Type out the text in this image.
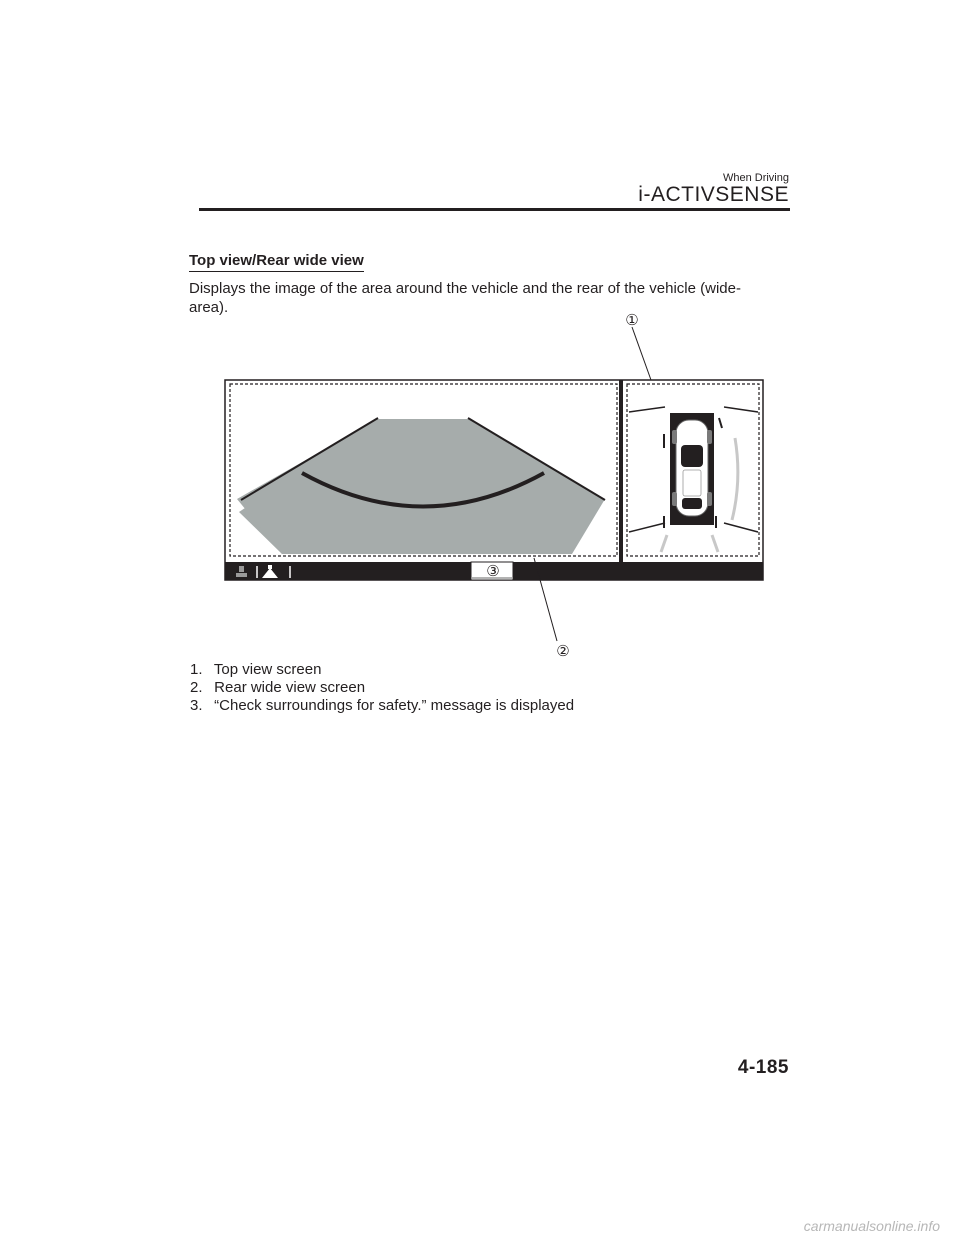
When Driving
i-ACTIVSENSE
Top view/Rear wide view
Displays the image of the area around the vehicle and the rear of the vehicle (wide-area).
①
②
③
1. Top view screen
2. Rear wide view screen
3. “Check surroundings for safety.” message is displayed
4-185
carmanualsonline.info
